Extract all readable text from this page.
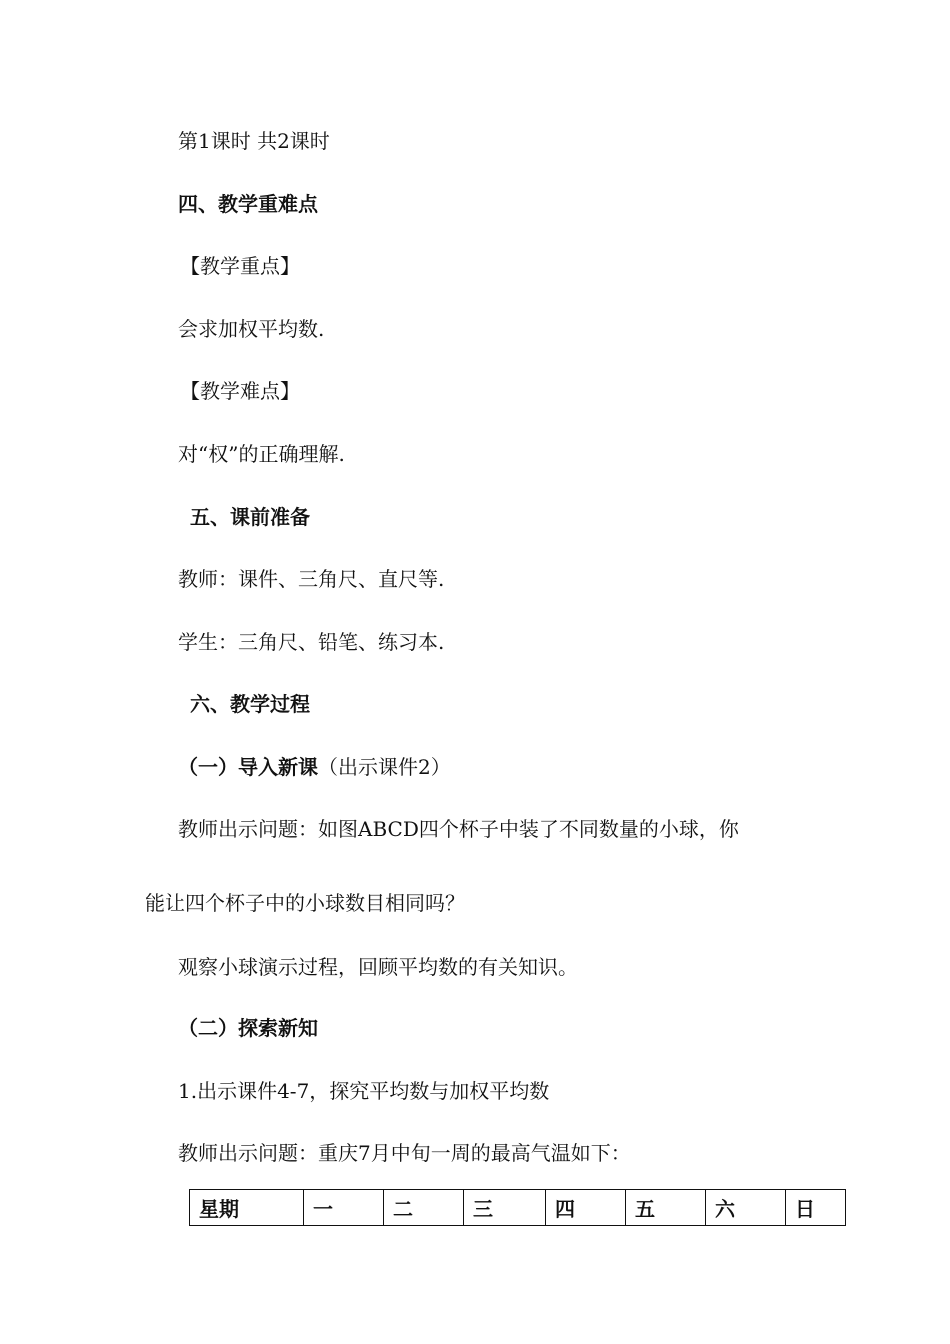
第1课时 共2课时

四、教学重难点

【教学重点】

会求加权平均数.

【教学难点】

对“权”的正确理解.

五、课前准备

教师：课件、三角尺、直尺等.

学生：三角尺、铅笔、练习本.

六、教学过程

（一）导入新课（出示课件2）

教师出示问题：如图ABCD四个杯子中装了不同数量的小球，你

能让四个杯子中的小球数目相同吗？

观察小球演示过程，回顾平均数的有关知识。

（二）探索新知

1.出示课件4-7，探究平均数与加权平均数

教师出示问题：重庆7月中旬一周的最高气温如下：

星期	一	二	三	四	五	六	日
